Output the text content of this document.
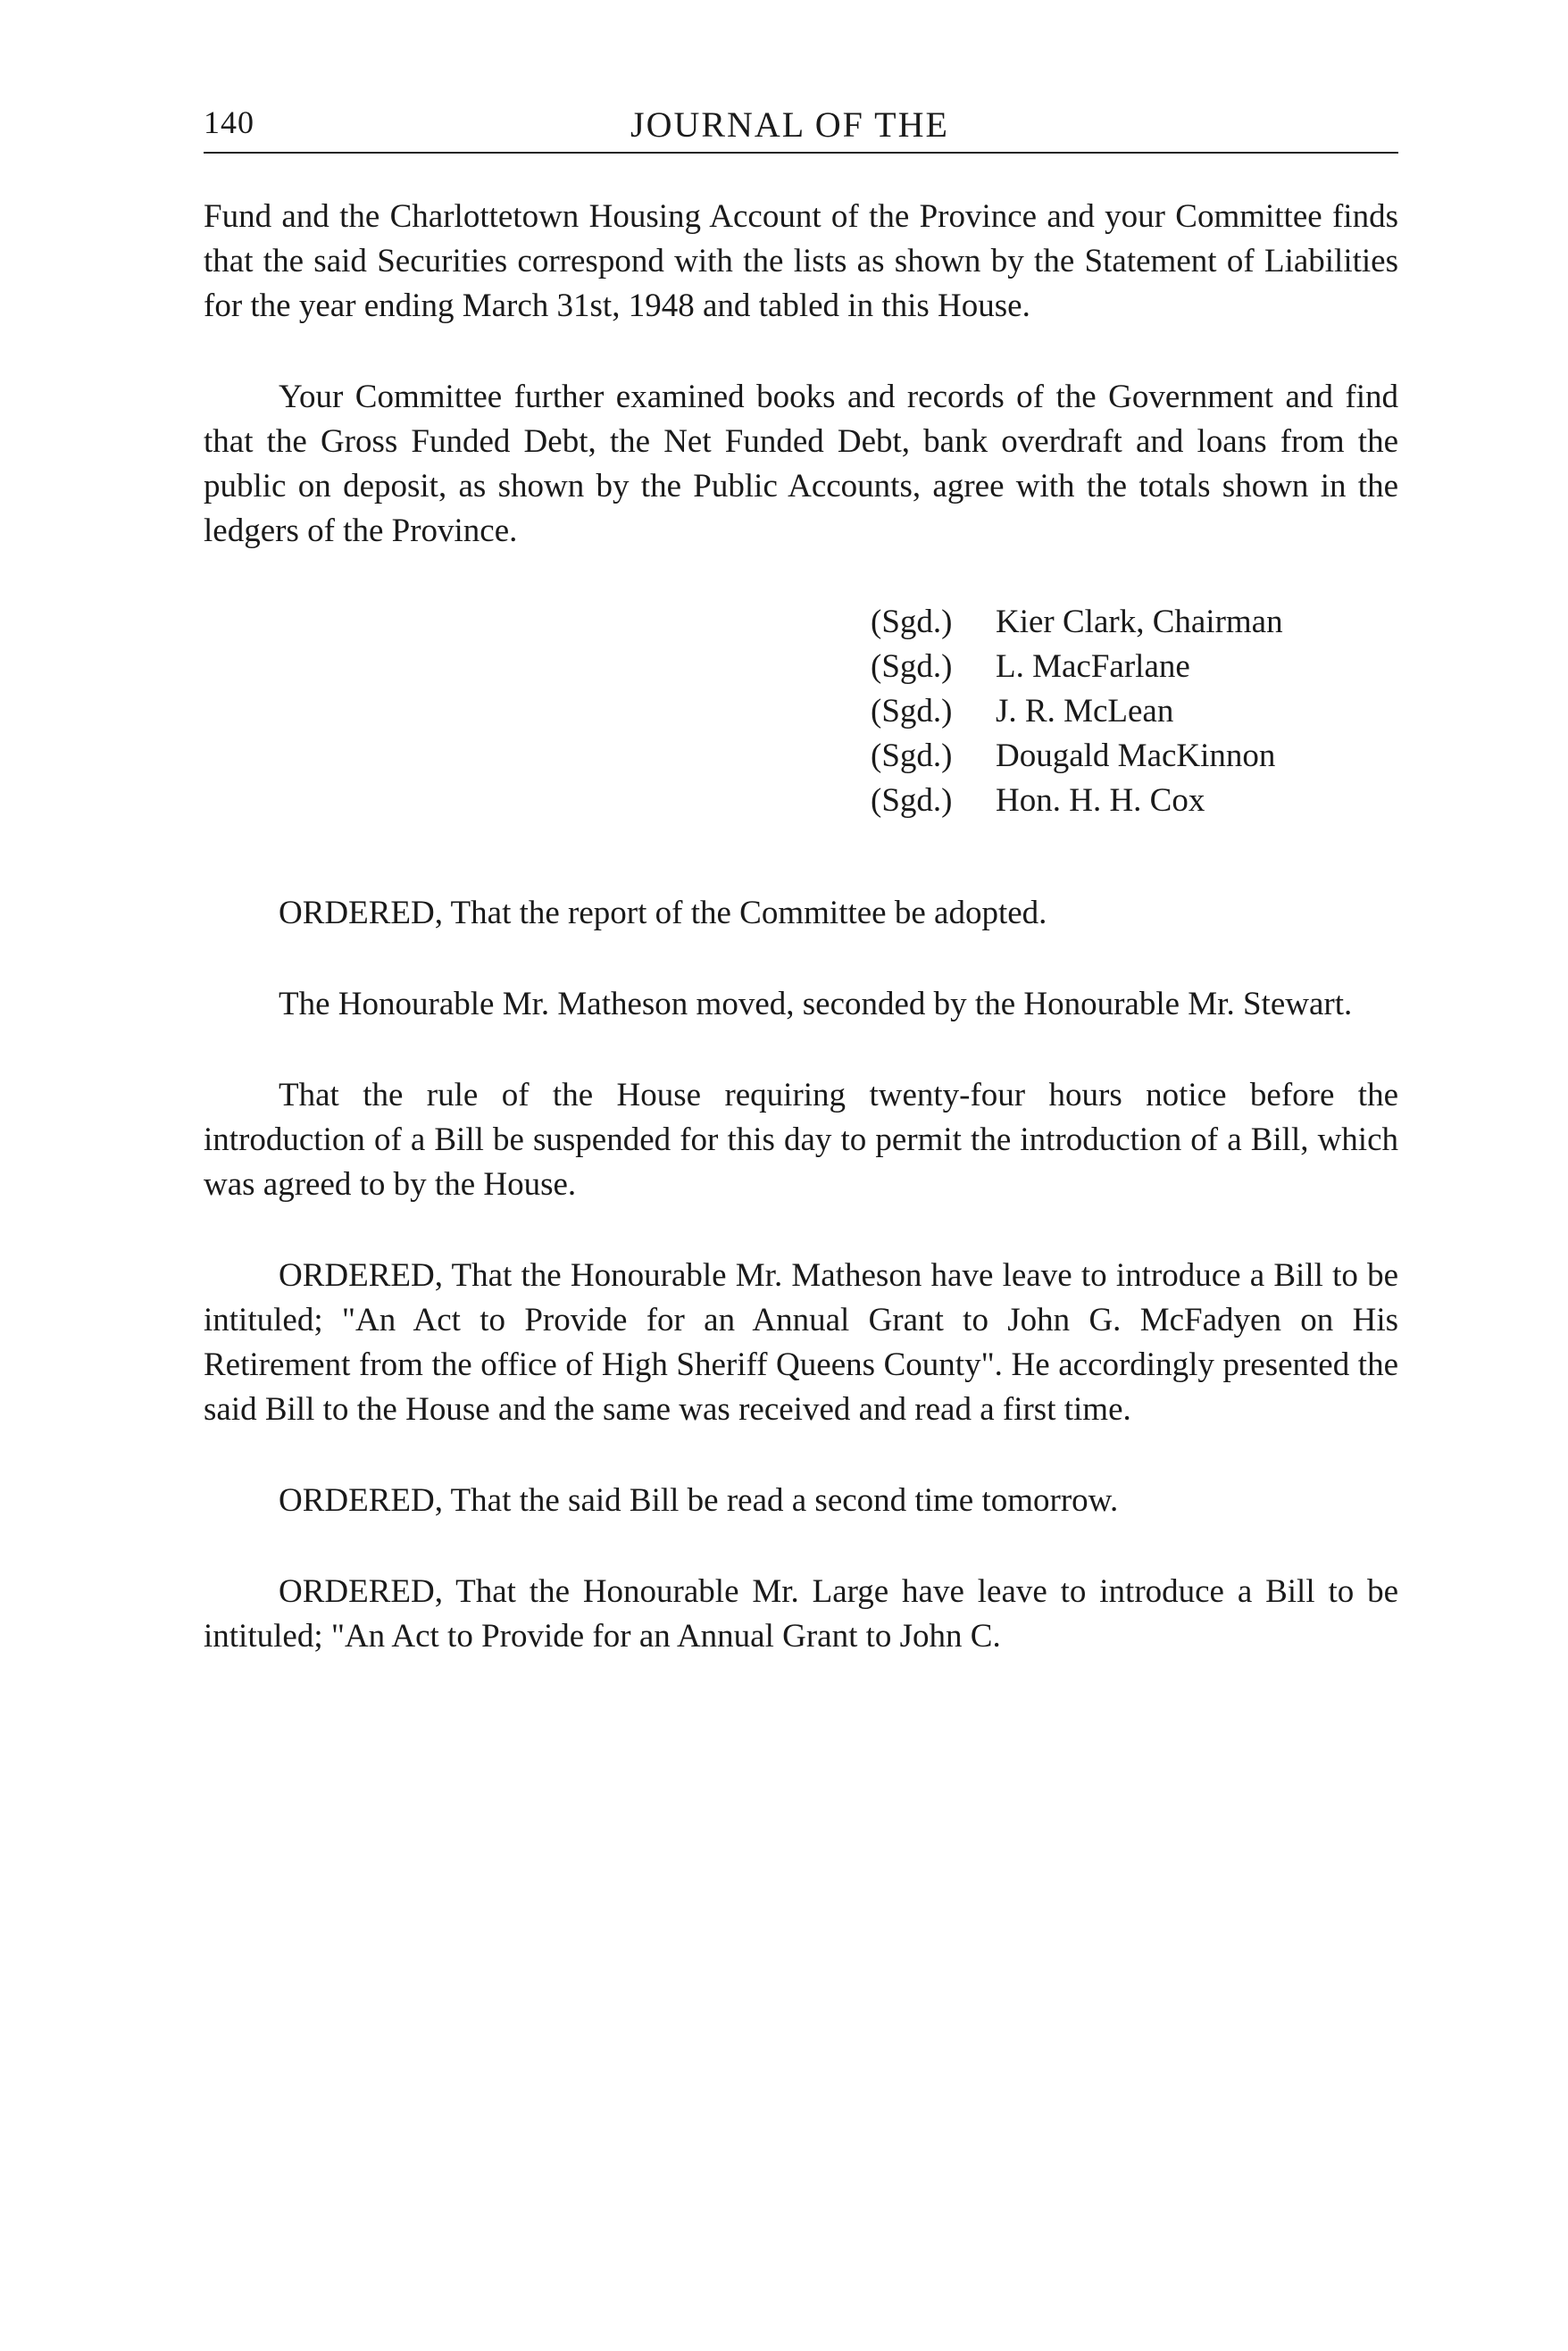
140	JOURNAL OF THE

Fund and the Charlottetown Housing Account of the Province and your Committee finds that the said Securities correspond with the lists as shown by the Statement of Liabilities for the year ending March 31st, 1948 and tabled in this House.

Your Committee further examined books and records of the Government and find that the Gross Funded Debt, the Net Funded Debt, bank overdraft and loans from the public on deposit, as shown by the Public Accounts, agree with the totals shown in the ledgers of the Province.

(Sgd.) Kier Clark, Chairman
(Sgd.) L. MacFarlane
(Sgd.) J. R. McLean
(Sgd.) Dougald MacKinnon
(Sgd.) Hon. H. H. Cox

ORDERED, That the report of the Committee be adopted.

The Honourable Mr. Matheson moved, seconded by the Honourable Mr. Stewart.

That the rule of the House requiring twenty-four hours notice before the introduction of a Bill be suspended for this day to permit the introduction of a Bill, which was agreed to by the House.

ORDERED, That the Honourable Mr. Matheson have leave to introduce a Bill to be intituled; "An Act to Provide for an Annual Grant to John G. McFadyen on His Retirement from the office of High Sheriff Queens County". He accordingly presented the said Bill to the House and the same was received and read a first time.

ORDERED, That the said Bill be read a second time tomorrow.

ORDERED, That the Honourable Mr. Large have leave to introduce a Bill to be intituled; "An Act to Provide for an Annual Grant to John C.
